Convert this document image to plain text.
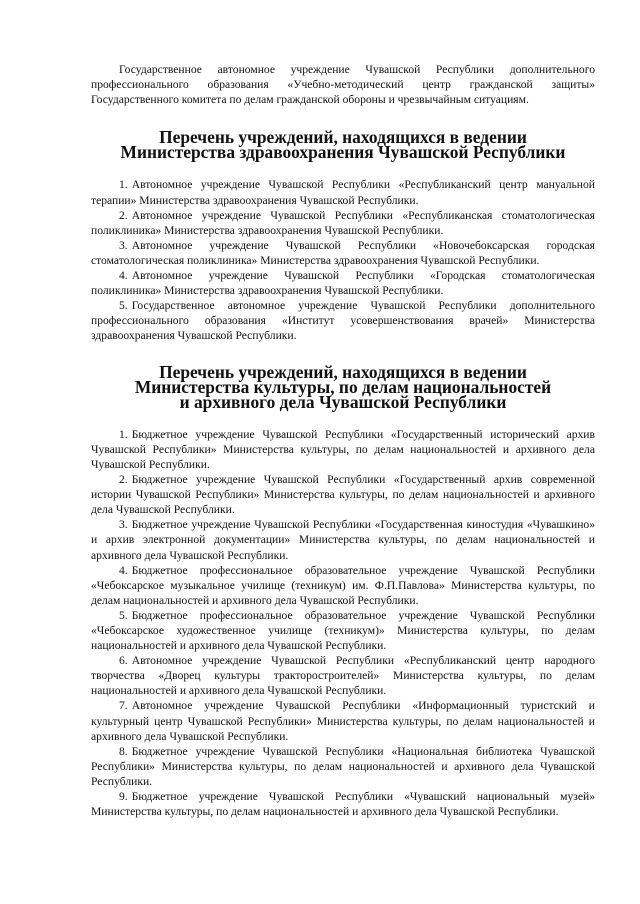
Государственное автономное учреждение Чувашской Республики дополнительного профессионального образования «Учебно-методический центр гражданской защиты» Государственного комитета по делам гражданской обороны и чрезвычайным ситуациям.

Перечень учреждений, находящихся в ведении
Министерства здравоохранения Чувашской Республики

1. Автономное учреждение Чувашской Республики «Республиканский центр мануальной терапии» Министерства здравоохранения Чувашской Республики.

2. Автономное учреждение Чувашской Республики «Республиканская стоматологическая поликлиника» Министерства здравоохранения Чувашской Республики.

3. Автономное учреждение Чувашской Республики «Новочебоксарская городская стоматологическая поликлиника» Министерства здравоохранения Чувашской Республики.

4. Автономное учреждение Чувашской Республики «Городская стоматологическая поликлиника» Министерства здравоохранения Чувашской Республики.

5. Государственное автономное учреждение Чувашской Республики дополнительного профессионального образования «Институт усовершенствования врачей» Министерства здравоохранения Чувашской Республики.

Перечень учреждений, находящихся в ведении
Министерства культуры, по делам национальностей
и архивного дела Чувашской Республики

1. Бюджетное учреждение Чувашской Республики «Государственный исторический архив Чувашской Республики» Министерства культуры, по делам национальностей и архивного дела Чувашской Республики.

2. Бюджетное учреждение Чувашской Республики «Государственный архив современной истории Чувашской Республики» Министерства культуры, по делам национальностей и архивного дела Чувашской Республики.

3. Бюджетное учреждение Чувашской Республики «Государственная киностудия «Чувашкино» и архив электронной документации» Министерства культуры, по делам национальностей и архивного дела Чувашской Республики.

4. Бюджетное профессиональное образовательное учреждение Чувашской Республики «Чебоксарское музыкальное училище (техникум) им. Ф.П.Павлова» Министерства культуры, по делам национальностей и архивного дела Чувашской Республики.

5. Бюджетное профессиональное образовательное учреждение Чувашской Республики «Чебоксарское художественное училище (техникум)» Министерства культуры, по делам национальностей и архивного дела Чувашской Республики.

6. Автономное учреждение Чувашской Республики «Республиканский центр народного творчества «Дворец культуры тракторостроителей» Министерства культуры, по делам национальностей и архивного дела Чувашской Республики.

7. Автономное учреждение Чувашской Республики «Информационный туристский и культурный центр Чувашской Республики» Министерства культуры, по делам национальностей и архивного дела Чувашской Республики.

8. Бюджетное учреждение Чувашской Республики «Национальная библиотека Чувашской Республики» Министерства культуры, по делам национальностей и архивного дела Чувашской Республики.

9. Бюджетное учреждение Чувашской Республики «Чувашский национальный музей» Министерства культуры, по делам национальностей и архивного дела Чувашской Республики.
